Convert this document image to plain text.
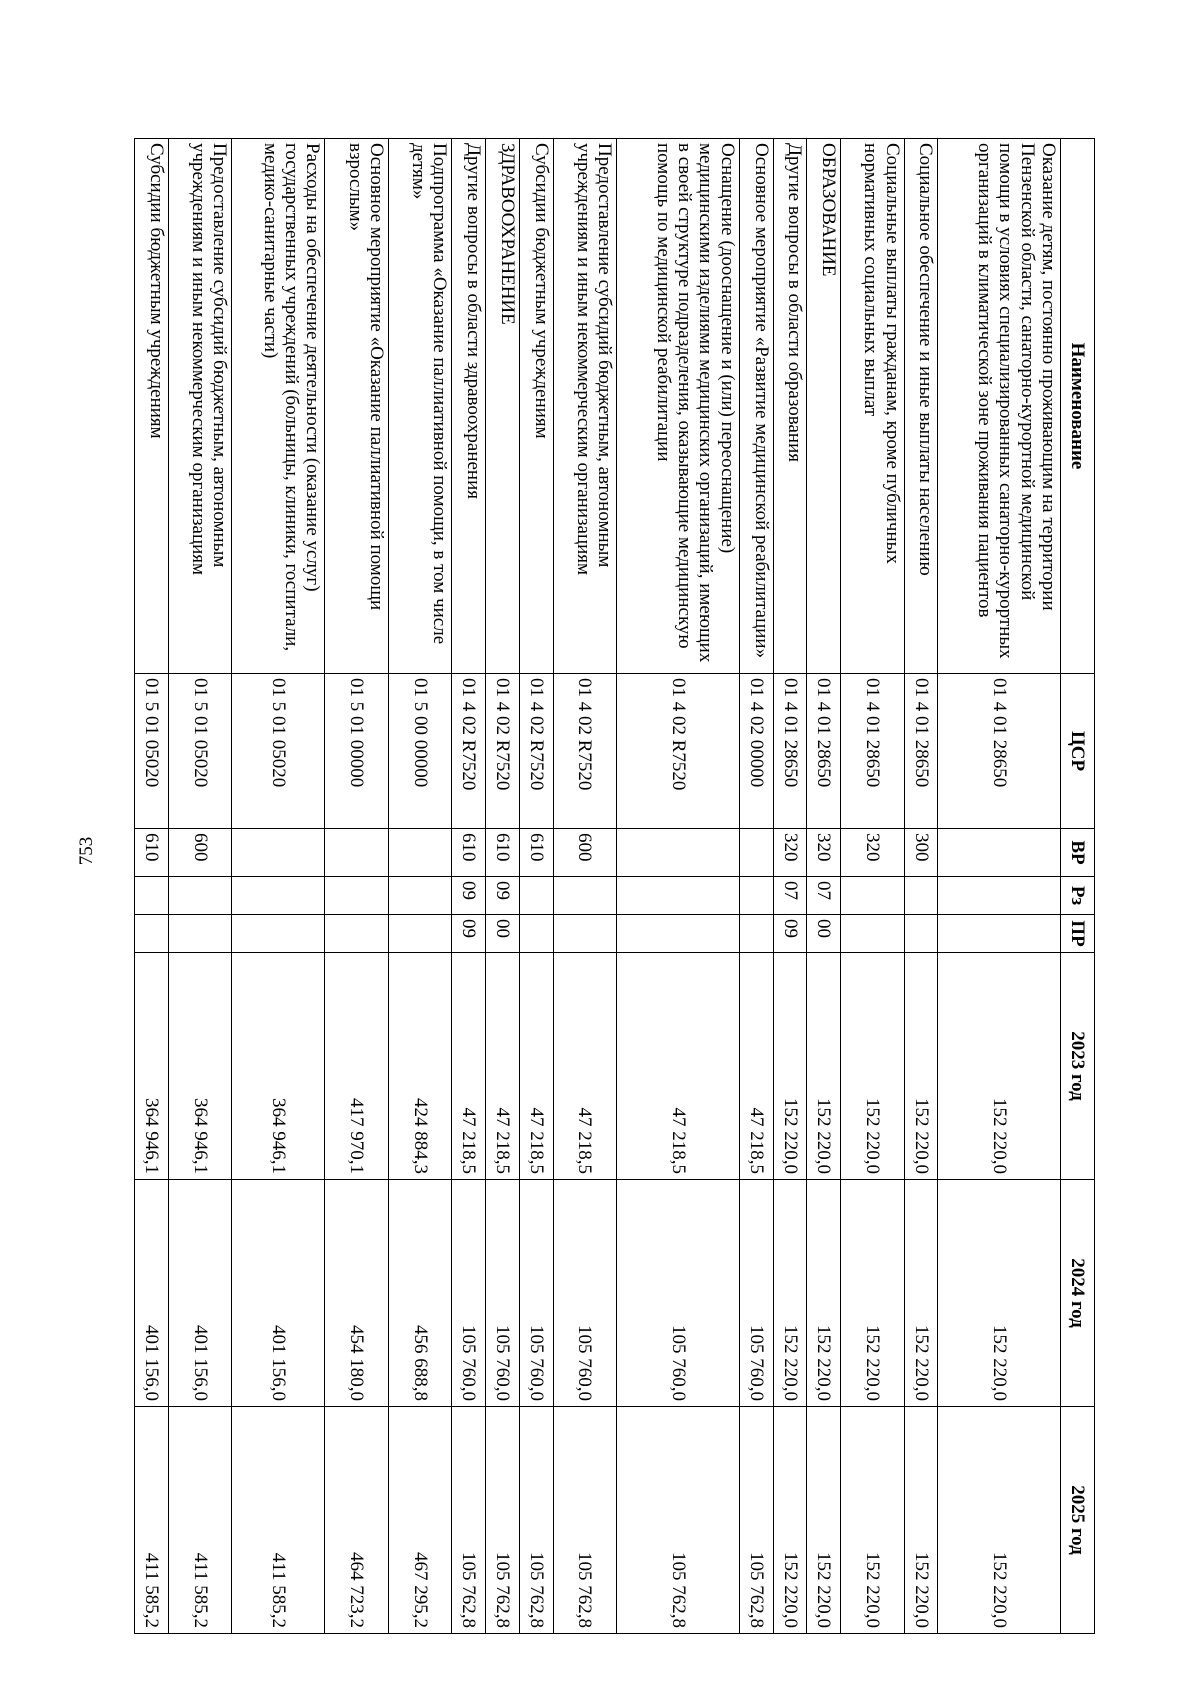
753
Наименование	ЦСР	ВР	Рз	ПР	2023 год	2024 год	2025 год
Оказание детям, постоянно проживающим на территории Пензенской области, санаторно-курортной медицинской помощи в условиях специализированных санаторно-курортных организаций в климатической зоне проживания пациентов	01 4 01 28650				152 220,0	152 220,0	152 220,0
Социальное обеспечение и иные выплаты населению	01 4 01 28650	300			152 220,0	152 220,0	152 220,0
Социальные выплаты гражданам, кроме публичных нормативных социальных выплат	01 4 01 28650	320			152 220,0	152 220,0	152 220,0
ОБРАЗОВАНИЕ	01 4 01 28650	320	07	00	152 220,0	152 220,0	152 220,0
Другие вопросы в области образования	01 4 01 28650	320	07	09	152 220,0	152 220,0	152 220,0
Основное мероприятие «Развитие медицинской реабилитации»	01 4 02 00000				47 218,5	105 760,0	105 762,8
Оснащение (дооснащение и (или) переоснащение) медицинскими изделиями медицинских организаций, имеющих в своей структуре подразделения, оказывающие медицинскую помощь по медицинской реабилитации	01 4 02 R7520				47 218,5	105 760,0	105 762,8
Предоставление субсидий бюджетным, автономным учреждениям и иным некоммерческим организациям	01 4 02 R7520	600			47 218,5	105 760,0	105 762,8
Субсидии бюджетным учреждениям	01 4 02 R7520	610			47 218,5	105 760,0	105 762,8
ЗДРАВООХРАНЕНИЕ	01 4 02 R7520	610	09	00	47 218,5	105 760,0	105 762,8
Другие вопросы в области здравоохранения	01 4 02 R7520	610	09	09	47 218,5	105 760,0	105 762,8
Подпрограмма «Оказание паллиативной помощи, в том числе детям»	01 5 00 00000				424 884,3	456 688,8	467 295,2
Основное мероприятие «Оказание паллиативной помощи взрослым»	01 5 01 00000				417 970,1	454 180,0	464 723,2
Расходы на обеспечение деятельности (оказание услуг) государственных учреждений (больницы, клиники, госпитали, медико-санитарные части)	01 5 01 05020				364 946,1	401 156,0	411 585,2
Предоставление субсидий бюджетным, автономным учреждениям и иным некоммерческим организациям	01 5 01 05020	600			364 946,1	401 156,0	411 585,2
Субсидии бюджетным учреждениям	01 5 01 05020	610			364 946,1	401 156,0	411 585,2
